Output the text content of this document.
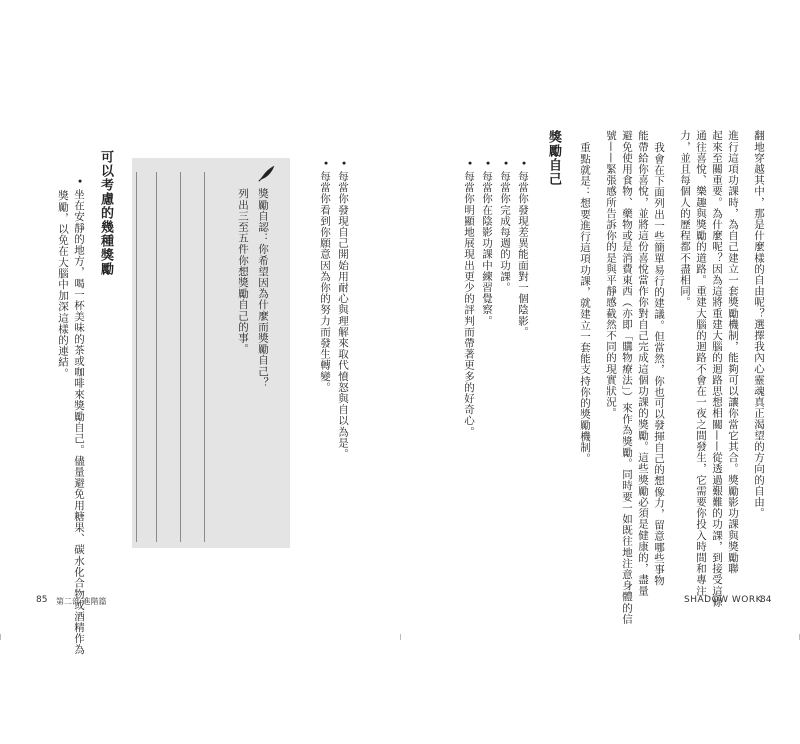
翻地穿越其中，那是什麼樣的自由呢？選擇我內心靈魂真正渴望的方向的自由。
進行這項功課時，為自己建立一套獎勵機制，能夠可以讓你當它其合。獎勵影功課與獎勵聯
起來至關重要。為什麼呢？因為這將重建大腦的迴路思想相關——從透過艱難的功課，到接受這條
通往喜悅、樂趣與獎勵的道路。重建大腦的迴路不會在一夜之間發生，它需要你投入時間和專注
力，並且每個人的歷程都不盡相同。
我會在下面列出一些簡單易行的建議。但當然，你也可以發揮自己的想像力，留意哪些事物
能帶給你喜悅，並將這份喜悅當作你對自己完成這個功課的獎勵。這些獎勵必須是健康的，盡量
避免使用食物、藥物或是消費東西（亦即「購物療法」）來作為獎勵。同時要一如既往地注意身體的信
號——緊張感所告訴你的是與平靜感截然不同的現實狀況。
重點就是：想要進行這項功課，就建立一套能支持你的獎勵機制。
獎勵自己
• 每當你發現差異能面對一個陰影。
• 每當你完成每週的功課。
• 每當你在陰影功課中練習覺察。
• 每當你明顯地展現出更少的評判而帶著更多的好奇心。
• 每當你發現自己開始用耐心與理解來取代憤怒與自以為是。
• 每當你看到你願意因為你的努力而發生轉變。
獎勵自認：你希望因為什麼而獎勵自己？
列出三至五件你想獎勵自己的事。
可以考慮的幾種獎勵
• 坐在安靜的地方，喝一杯美味的茶或咖啡來獎勵自己。儘量避免用糖果、碳水化合物或酒精作為
獎勵，以免在大腦中加深這樣的連結。
85 第二部 進階篇	SHADOW WORK
84
